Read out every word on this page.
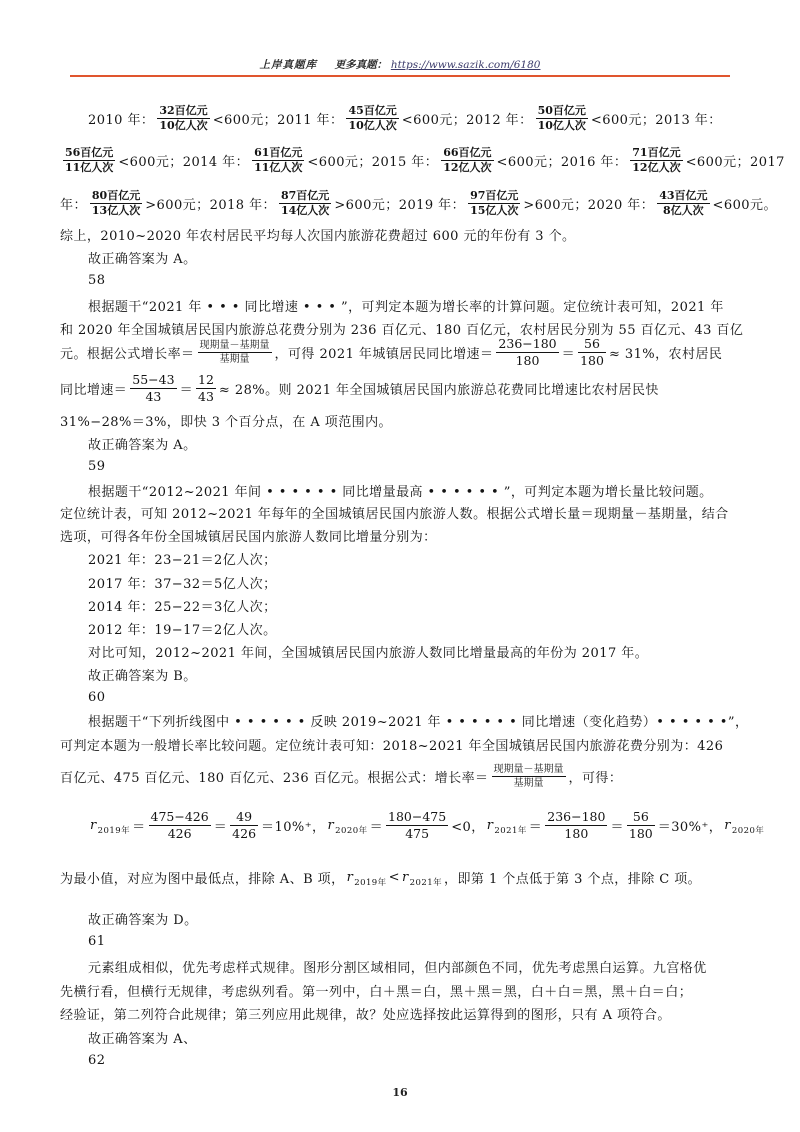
上岸真题库 更多真题： https://www.sazik.com/6180
2010 年： $\frac{\text{32百亿元}}{\text{10亿人次}} <600$元；2011 年： $\frac{\text{45百亿元}}{\text{10亿人次}} <600$元；2012 年： $\frac{\text{50百亿元}}{\text{10亿人次}} <600$元；2013 年：
$\frac{\text{56百亿元}}{\text{11亿人次}} <600$元；2014 年： $\frac{\text{61百亿元}}{\text{11亿人次}} <600$元；2015 年： $\frac{\text{66百亿元}}{\text{12亿人次}} <600$元；2016 年： $\frac{\text{71百亿元}}{\text{12亿人次}} <600$元；2017
年： $\frac{\text{80百亿元}}{\text{13亿人次}} >600$元；2018 年： $\frac{\text{87百亿元}}{\text{14亿人次}} >600$元；2019 年： $\frac{\text{97百亿元}}{\text{15亿人次}} >600$元；2020 年： $\frac{\text{43百亿元}}{\text{8亿人次}} <600$元。
综上，2010~2020 年农村居民平均每人次国内旅游花费超过 600 元的年份有 3 个。
故正确答案为 A。
58
根据题干“2021 年 • • • 同比增速 • • • ”，可判定本题为增长率的计算问题。定位统计表可知，2021 年
和 2020 年全国城镇居民国内旅游总花费分别为 236 百亿元、180 百亿元，农村居民分别为 55 百亿元、43 百亿
元。根据公式增长率＝ $\frac{\text{现期量－基期量}}{\text{基期量}}$ ，可得 2021 年城镇居民同比增速＝ $\frac{236-180}{180} = \frac{56}{180} \approx 31\%$，农村居民
同比增速＝ $\frac{55-43}{43} = \frac{12}{43} \approx 28\%$。则 2021 年全国城镇居民国内旅游总花费同比增速比农村居民快
31%−28%＝3%，即快 3 个百分点，在 A 项范围内。
故正确答案为 A。
59
根据题干“2012~2021 年间 • • • • • • 同比增量最高 • • • • • • ”，可判定本题为增长量比较问题。
定位统计表，可知 2012~2021 年每年的全国城镇居民国内旅游人数。根据公式增长量＝现期量－基期量，结合
选项，可得各年份全国城镇居民国内旅游人数同比增量分别为：
2021 年：23−21＝2亿人次；
2017 年：37−32＝5亿人次；
2014 年：25−22＝3亿人次；
2012 年：19−17＝2亿人次。
对比可知，2012~2021 年间，全国城镇居民国内旅游人数同比增量最高的年份为 2017 年。
故正确答案为 B。
60
根据题干“下列折线图中 • • • • • • 反映 2019~2021 年 • • • • • • 同比增速（变化趋势）• • • • • •”，
可判定本题为一般增长率比较问题。定位统计表可知：2018~2021 年全国城镇居民国内旅游花费分别为：426
百亿元、475 百亿元、180 百亿元、236 百亿元。根据公式：增长率＝ $\frac{\text{现期量－基期量}}{\text{基期量}}$ ，可得：
r 2019年 ＝ $\frac{475-426}{426} = \frac{49}{426} =10\%^+$， r 2020年 ＝ $\frac{180-475}{475} <0$， r 2021年 ＝ $\frac{236-180}{180} = \frac{56}{180} =30\%^+$， r 2020年
为最小值，对应为图中最低点，排除 A、B 项， r 2019年 < r 2021年 ，即第 1 个点低于第 3 个点，排除 C 项。
故正确答案为 D。
61
元素组成相似，优先考虑样式规律。图形分割区域相同，但内部颜色不同，优先考虑黑白运算。九宫格优
先横行看，但横行无规律，考虑纵列看。第一列中，白＋黑＝白，黑＋黑＝黑，白＋白＝黑，黑＋白＝白；
经验证，第二列符合此规律；第三列应用此规律，故？处应选择按此运算得到的图形，只有 A 项符合。
故正确答案为 A、
62
16
